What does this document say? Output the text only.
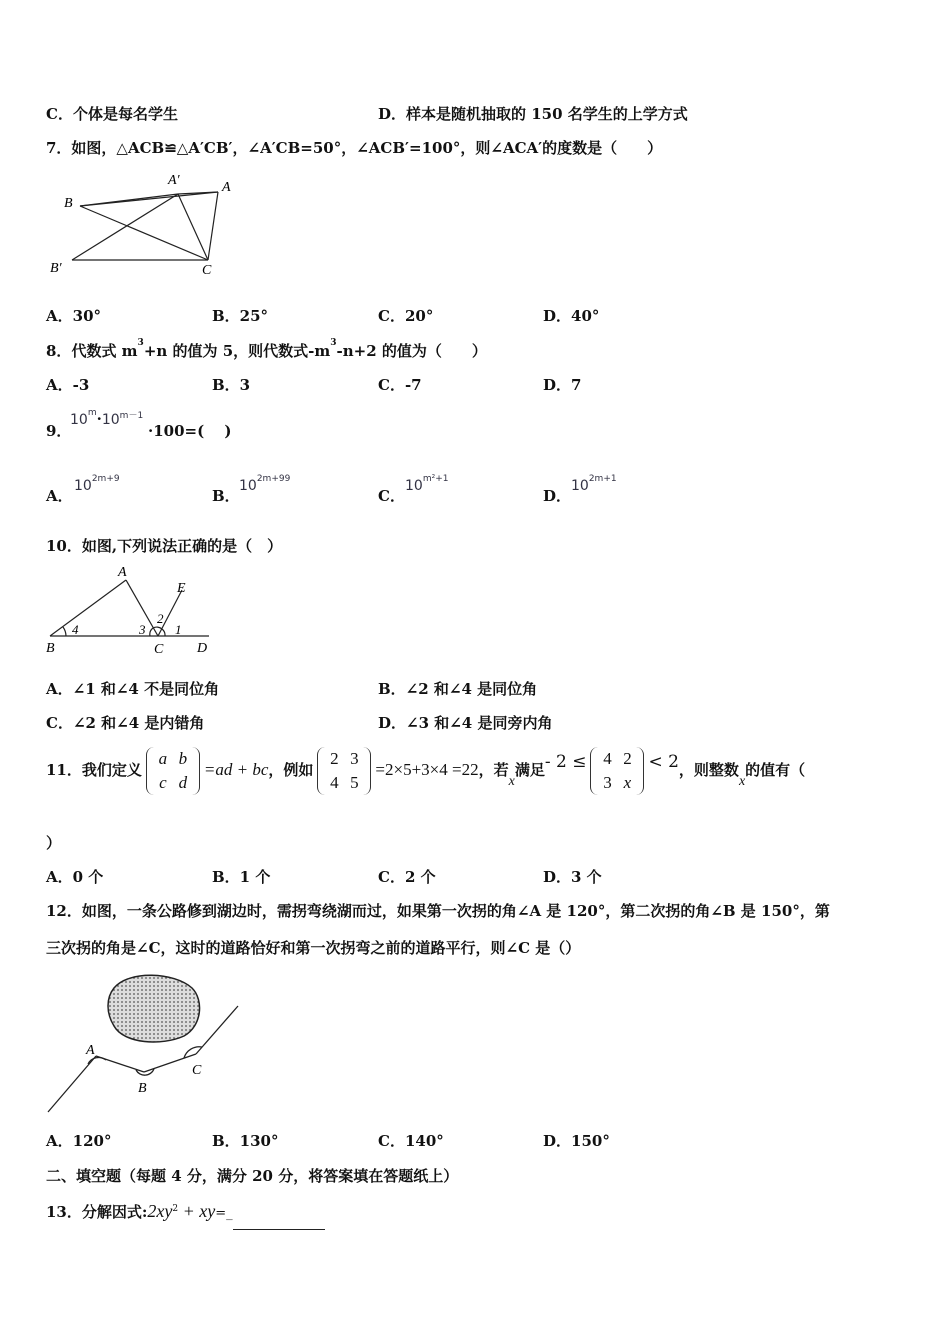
C．个体是每名学生	D．样本是随机抽取的 150 名学生的上学方式
7．如图，△ACB≌△A′CB′，∠A′CB=50°，∠ACB′=100°，则∠ACA′的度数是（　　）
B
A′	A
B′	C
A．30°	B．25°	C．20°	D．40°
8．代数式 $m^3+n$ 的值为 5，则代数式$-m^3-n+2$ 的值为（　　）
A．-3	B．3	C．-7	D．7
9．
$10^m\cdot 10^{m-1}$
·100=(　 )
A．
$10^{2m+9}$
B．
$10^{2m+99}$
C．
$10^{m^2+1}$
D．
$10^{2m+1}$
10．如图,下列说法正确的是（　）
A
E
2
4	3 1
B	C D
A．∠1 和∠4 不是同位角	B．∠2 和∠4 是同位角
C．∠2 和∠4 是内错角	D．∠3 和∠4 是同旁内角
11．我们定义a b
c d=ad + bc，例如2 3
4 5=2×5+3×4 =22，若x满足- 2 ≤ 4 2
3 x< 2，则整数x的值有（
）
A．0 个	B．1 个	C．2 个	D．3 个
12．如图，一条公路修到湖边时，需拐弯绕湖而过，如果第一次拐的角∠A 是 120°，第二次拐的角∠B 是 150°，第
三次拐的角是∠C，这时的道路恰好和第一次拐弯之前的道路平行，则∠C 是（）
A
B
C
A．120°	B．130°	C．140°	D．150°
二、填空题（每题 4 分，满分 20 分，将答案填在答题纸上）
13．分解因式$:2xy^2$ + xy=_
